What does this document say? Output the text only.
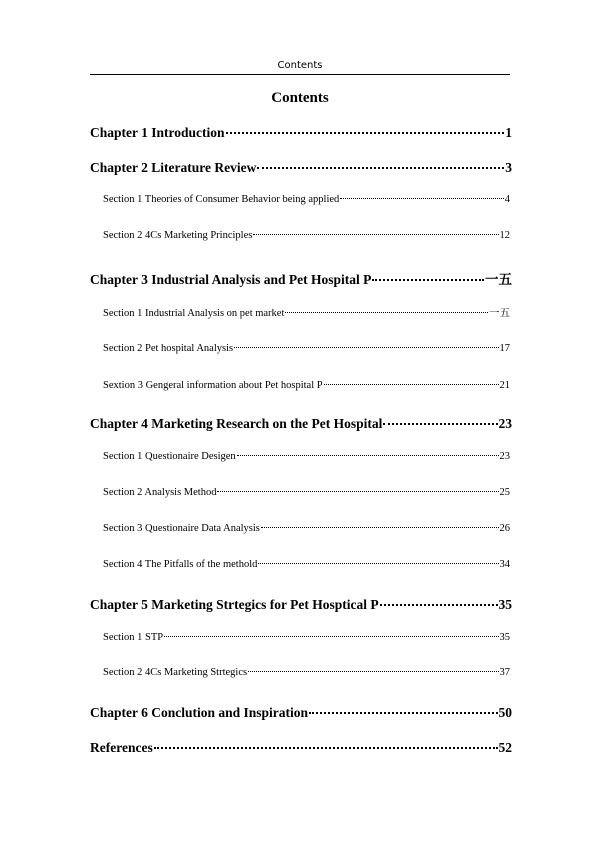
Contents
Contents
Chapter 1 Introduction	1
Chapter 2 Literature Review	3
Section 1 Theories of Consumer Behavior being applied	4
Section 2 4Cs Marketing Principles	12
Chapter 3 Industrial Analysis and Pet Hospital P	一五
Section 1 Industrial Analysis on pet market	一五
Section 2 Pet hospital Analysis	17
Sextion 3 Gengeral information about Pet hospital P	21
Chapter 4 Marketing Research on the Pet Hospital	23
Section 1 Questionaire Desigen	23
Section 2 Analysis Method	25
Section 3 Questionaire Data Analysis	26
Section 4 The Pitfalls of the methold	34
Chapter 5 Marketing Strtegics for Pet Hosptical P	35
Section 1 STP	35
Section 2 4Cs Marketing Strtegics	37
Chapter 6 Conclution and Inspiration	50
References	52
